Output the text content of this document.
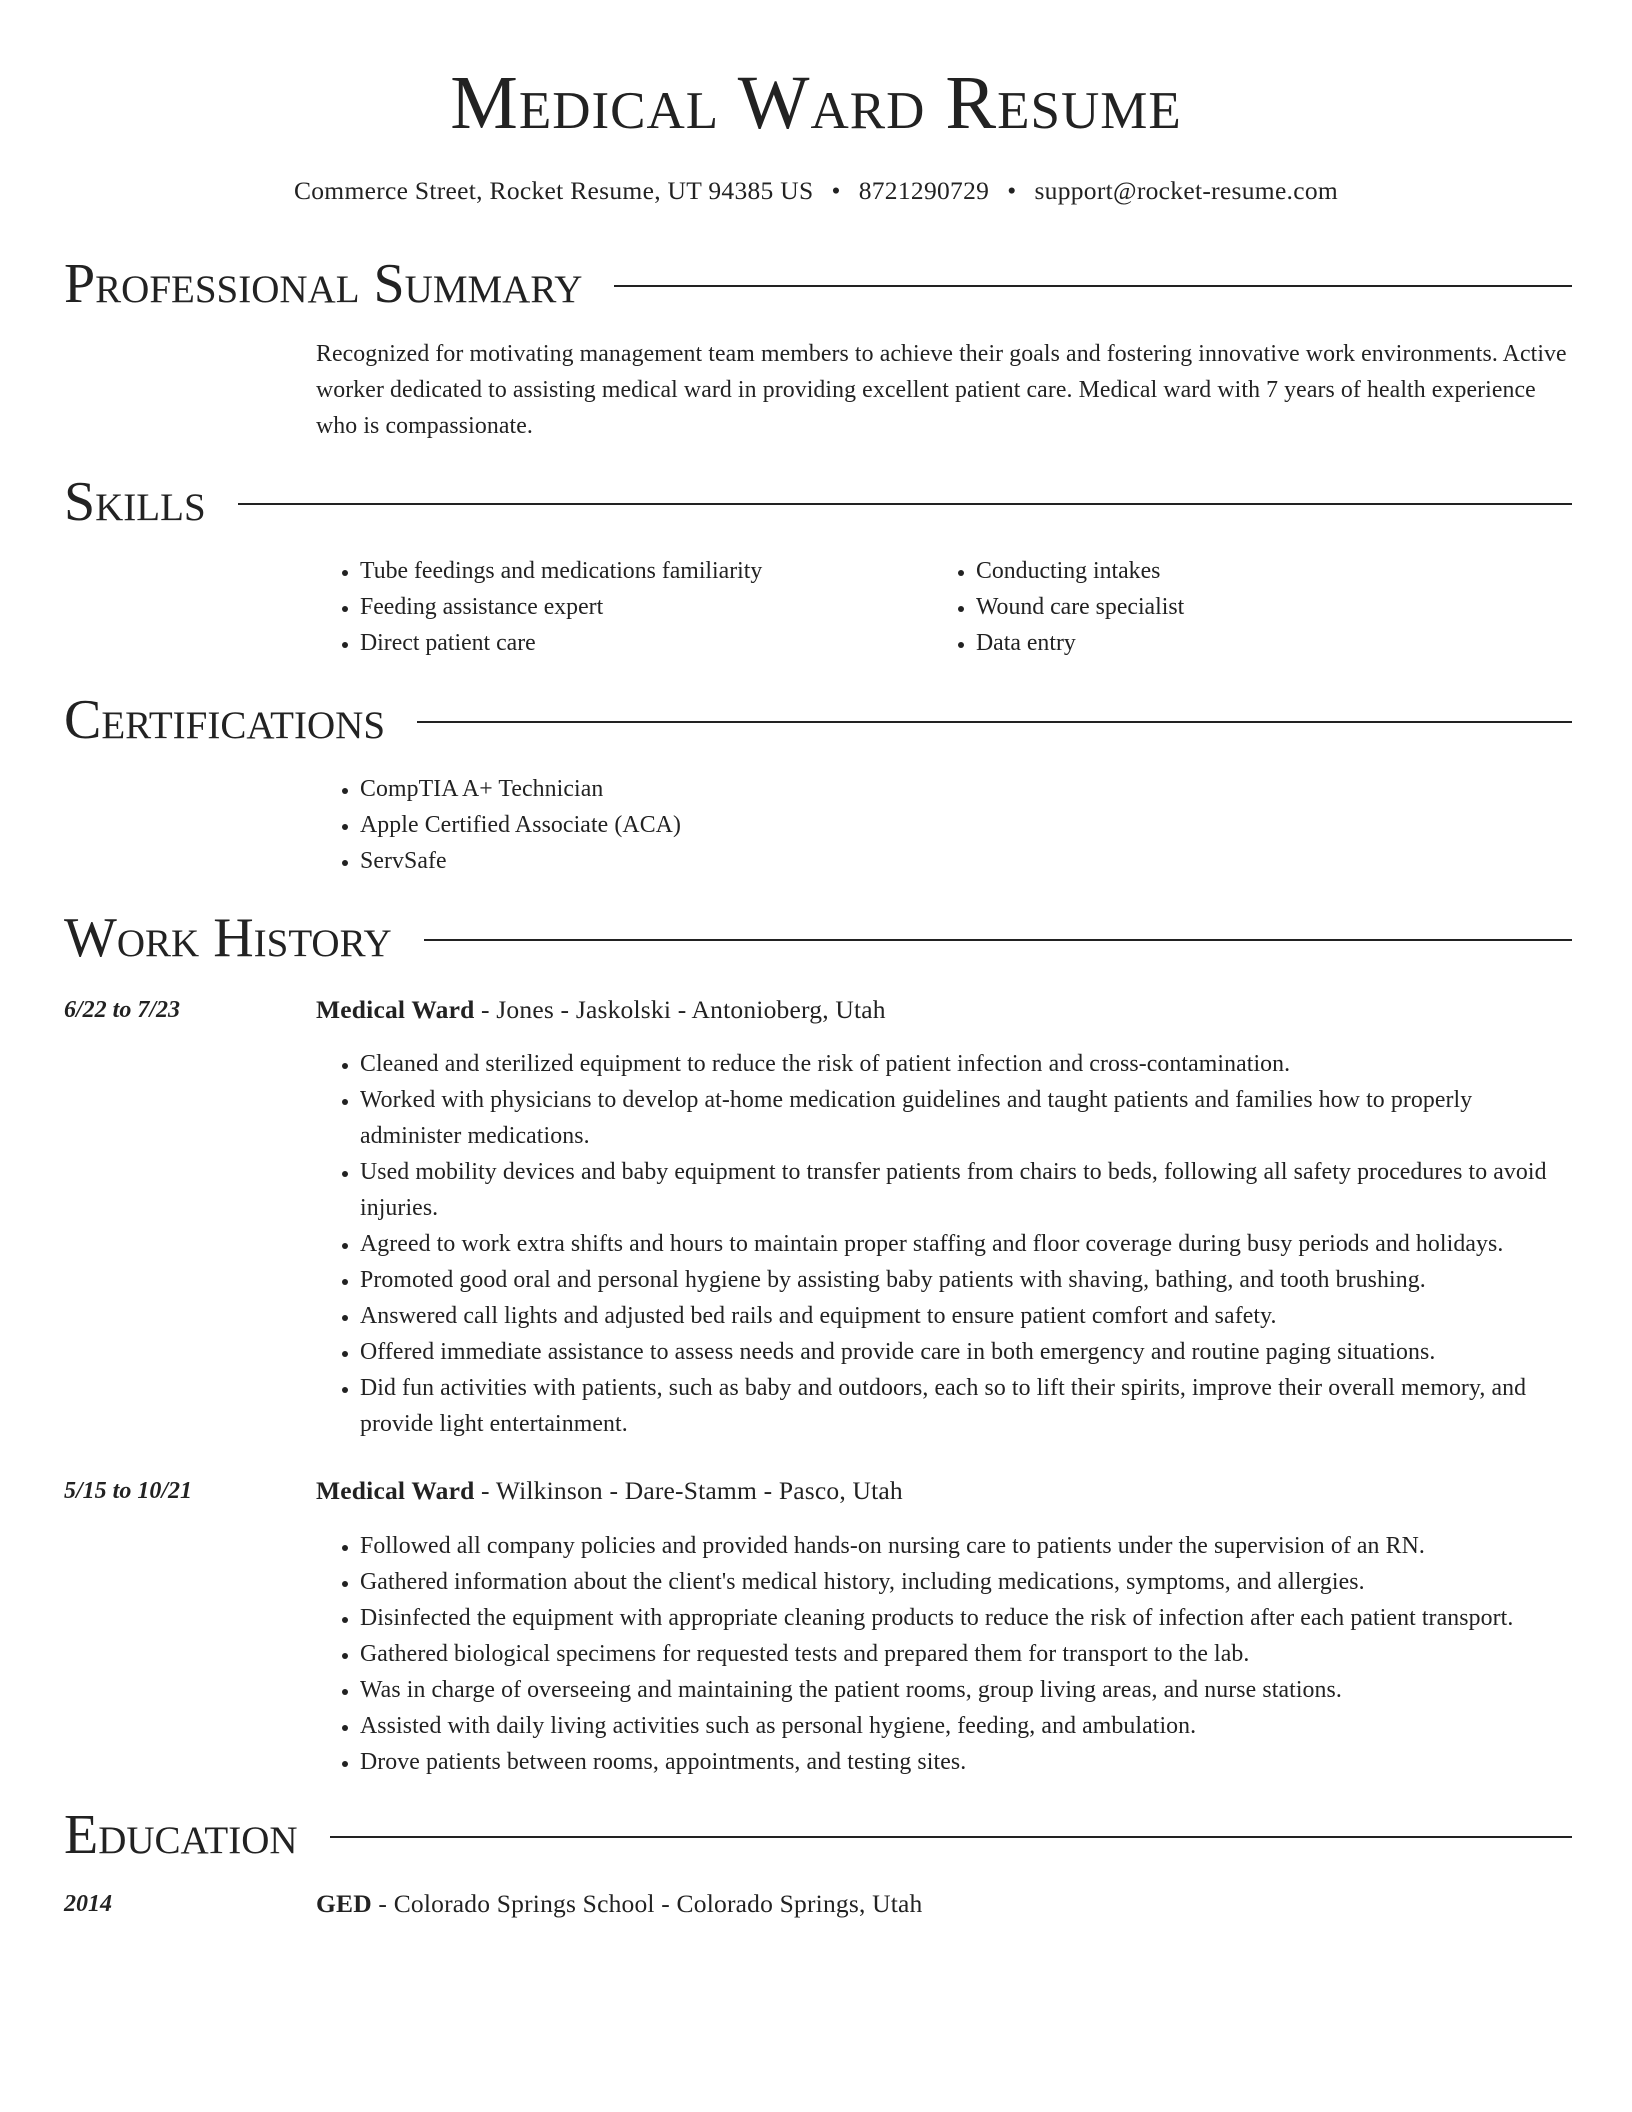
Medical Ward Resume
Commerce Street, Rocket Resume, UT 94385 US • 8721290729 • support@rocket-resume.com
Professional Summary
Recognized for motivating management team members to achieve their goals and fostering innovative work environments. Active worker dedicated to assisting medical ward in providing excellent patient care. Medical ward with 7 years of health experience who is compassionate.
Skills
• Tube feedings and medications familiarity
• Feeding assistance expert
• Direct patient care
• Conducting intakes
• Wound care specialist
• Data entry
Certifications
• CompTIA A+ Technician
• Apple Certified Associate (ACA)
• ServSafe
Work History
6/22 to 7/23	Medical Ward - Jones - Jaskolski - Antonioberg, Utah
• Cleaned and sterilized equipment to reduce the risk of patient infection and cross-contamination.
• Worked with physicians to develop at-home medication guidelines and taught patients and families how to properly administer medications.
• Used mobility devices and baby equipment to transfer patients from chairs to beds, following all safety procedures to avoid injuries.
• Agreed to work extra shifts and hours to maintain proper staffing and floor coverage during busy periods and holidays.
• Promoted good oral and personal hygiene by assisting baby patients with shaving, bathing, and tooth brushing.
• Answered call lights and adjusted bed rails and equipment to ensure patient comfort and safety.
• Offered immediate assistance to assess needs and provide care in both emergency and routine paging situations.
• Did fun activities with patients, such as baby and outdoors, each so to lift their spirits, improve their overall memory, and provide light entertainment.
5/15 to 10/21	Medical Ward - Wilkinson - Dare-Stamm - Pasco, Utah
• Followed all company policies and provided hands-on nursing care to patients under the supervision of an RN.
• Gathered information about the client's medical history, including medications, symptoms, and allergies.
• Disinfected the equipment with appropriate cleaning products to reduce the risk of infection after each patient transport.
• Gathered biological specimens for requested tests and prepared them for transport to the lab.
• Was in charge of overseeing and maintaining the patient rooms, group living areas, and nurse stations.
• Assisted with daily living activities such as personal hygiene, feeding, and ambulation.
• Drove patients between rooms, appointments, and testing sites.
Education
2014	GED - Colorado Springs School - Colorado Springs, Utah
